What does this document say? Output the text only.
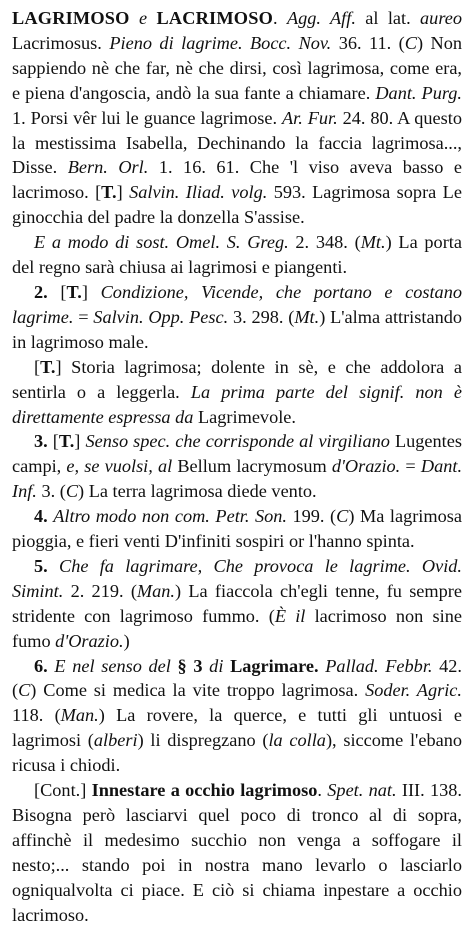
LAGRIMOSO e LACRIMOSO. Agg. Aff. al lat. aureo Lacrimosus. Pieno di lagrime. Bocc. Nov. 36. 11. (C) Non sappiendo nè che far, nè che dirsi, così lagrimosa, come era, e piena d'angoscia, andò la sua fante a chiamare. Dant. Purg. 1. Porsi vêr lui le guance lagrimose. Ar. Fur. 24. 80. A questo la mestissima Isabella, Dechinando la faccia lagrimosa..., Disse. Bern. Orl. 1. 16. 61. Che 'l viso aveva basso e lacrimoso. [T.] Salvin. Iliad. volg. 593. Lagrimosa sopra Le ginocchia del padre la donzella S'assise.
E a modo di sost. Omel. S. Greg. 2. 348. (Mt.) La porta del regno sarà chiusa ai lagrimosi e piangenti.
2. [T.] Condizione, Vicende, che portano e costano lagrime. = Salvin. Opp. Pesc. 3. 298. (Mt.) L'alma attristando in lagrimoso male.
[T.] Storia lagrimosa; dolente in sè, e che addolora a sentirla o a leggerla. La prima parte del signif. non è direttamente espressa da Lagrimevole.
3. [T.] Senso spec. che corrisponde al virgiliano Lugentes campi, e, se vuolsi, al Bellum lacrymosum d'Orazio. = Dant. Inf. 3. (C) La terra lagrimosa diede vento.
4. Altro modo non com. Petr. Son. 199. (C) Ma lagrimosa pioggia, e fieri venti D'infiniti sospiri or l'hanno spinta.
5. Che fa lagrimare, Che provoca le lagrime. Ovid. Simint. 2. 219. (Man.) La fiaccola ch'egli tenne, fu sempre stridente con lagrimoso fummo. (È il lacrimoso non sine fumo d'Orazio.)
6. E nel senso del § 3 di Lagrimare. Pallad. Febbr. 42. (C) Come si medica la vite troppo lagrimosa. Soder. Agric. 118. (Man.) La rovere, la querce, e tutti gli untuosi e lagrimosi (alberi) li dispregzano (la colla), siccome l'ebano ricusa i chiodi.
[Cont.] Innestare a occhio lagrimoso. Spet. nat. III. 138. Bisogna però lasciarvi quel poco di tronco al di sopra, affinchè il medesimo succhio non venga a soffogare il nesto;... stando poi in nostra mano levarlo o lasciarlo ogniqualvolta ci piace. E ciò si chiama inpestare a occhio lacrimoso.
